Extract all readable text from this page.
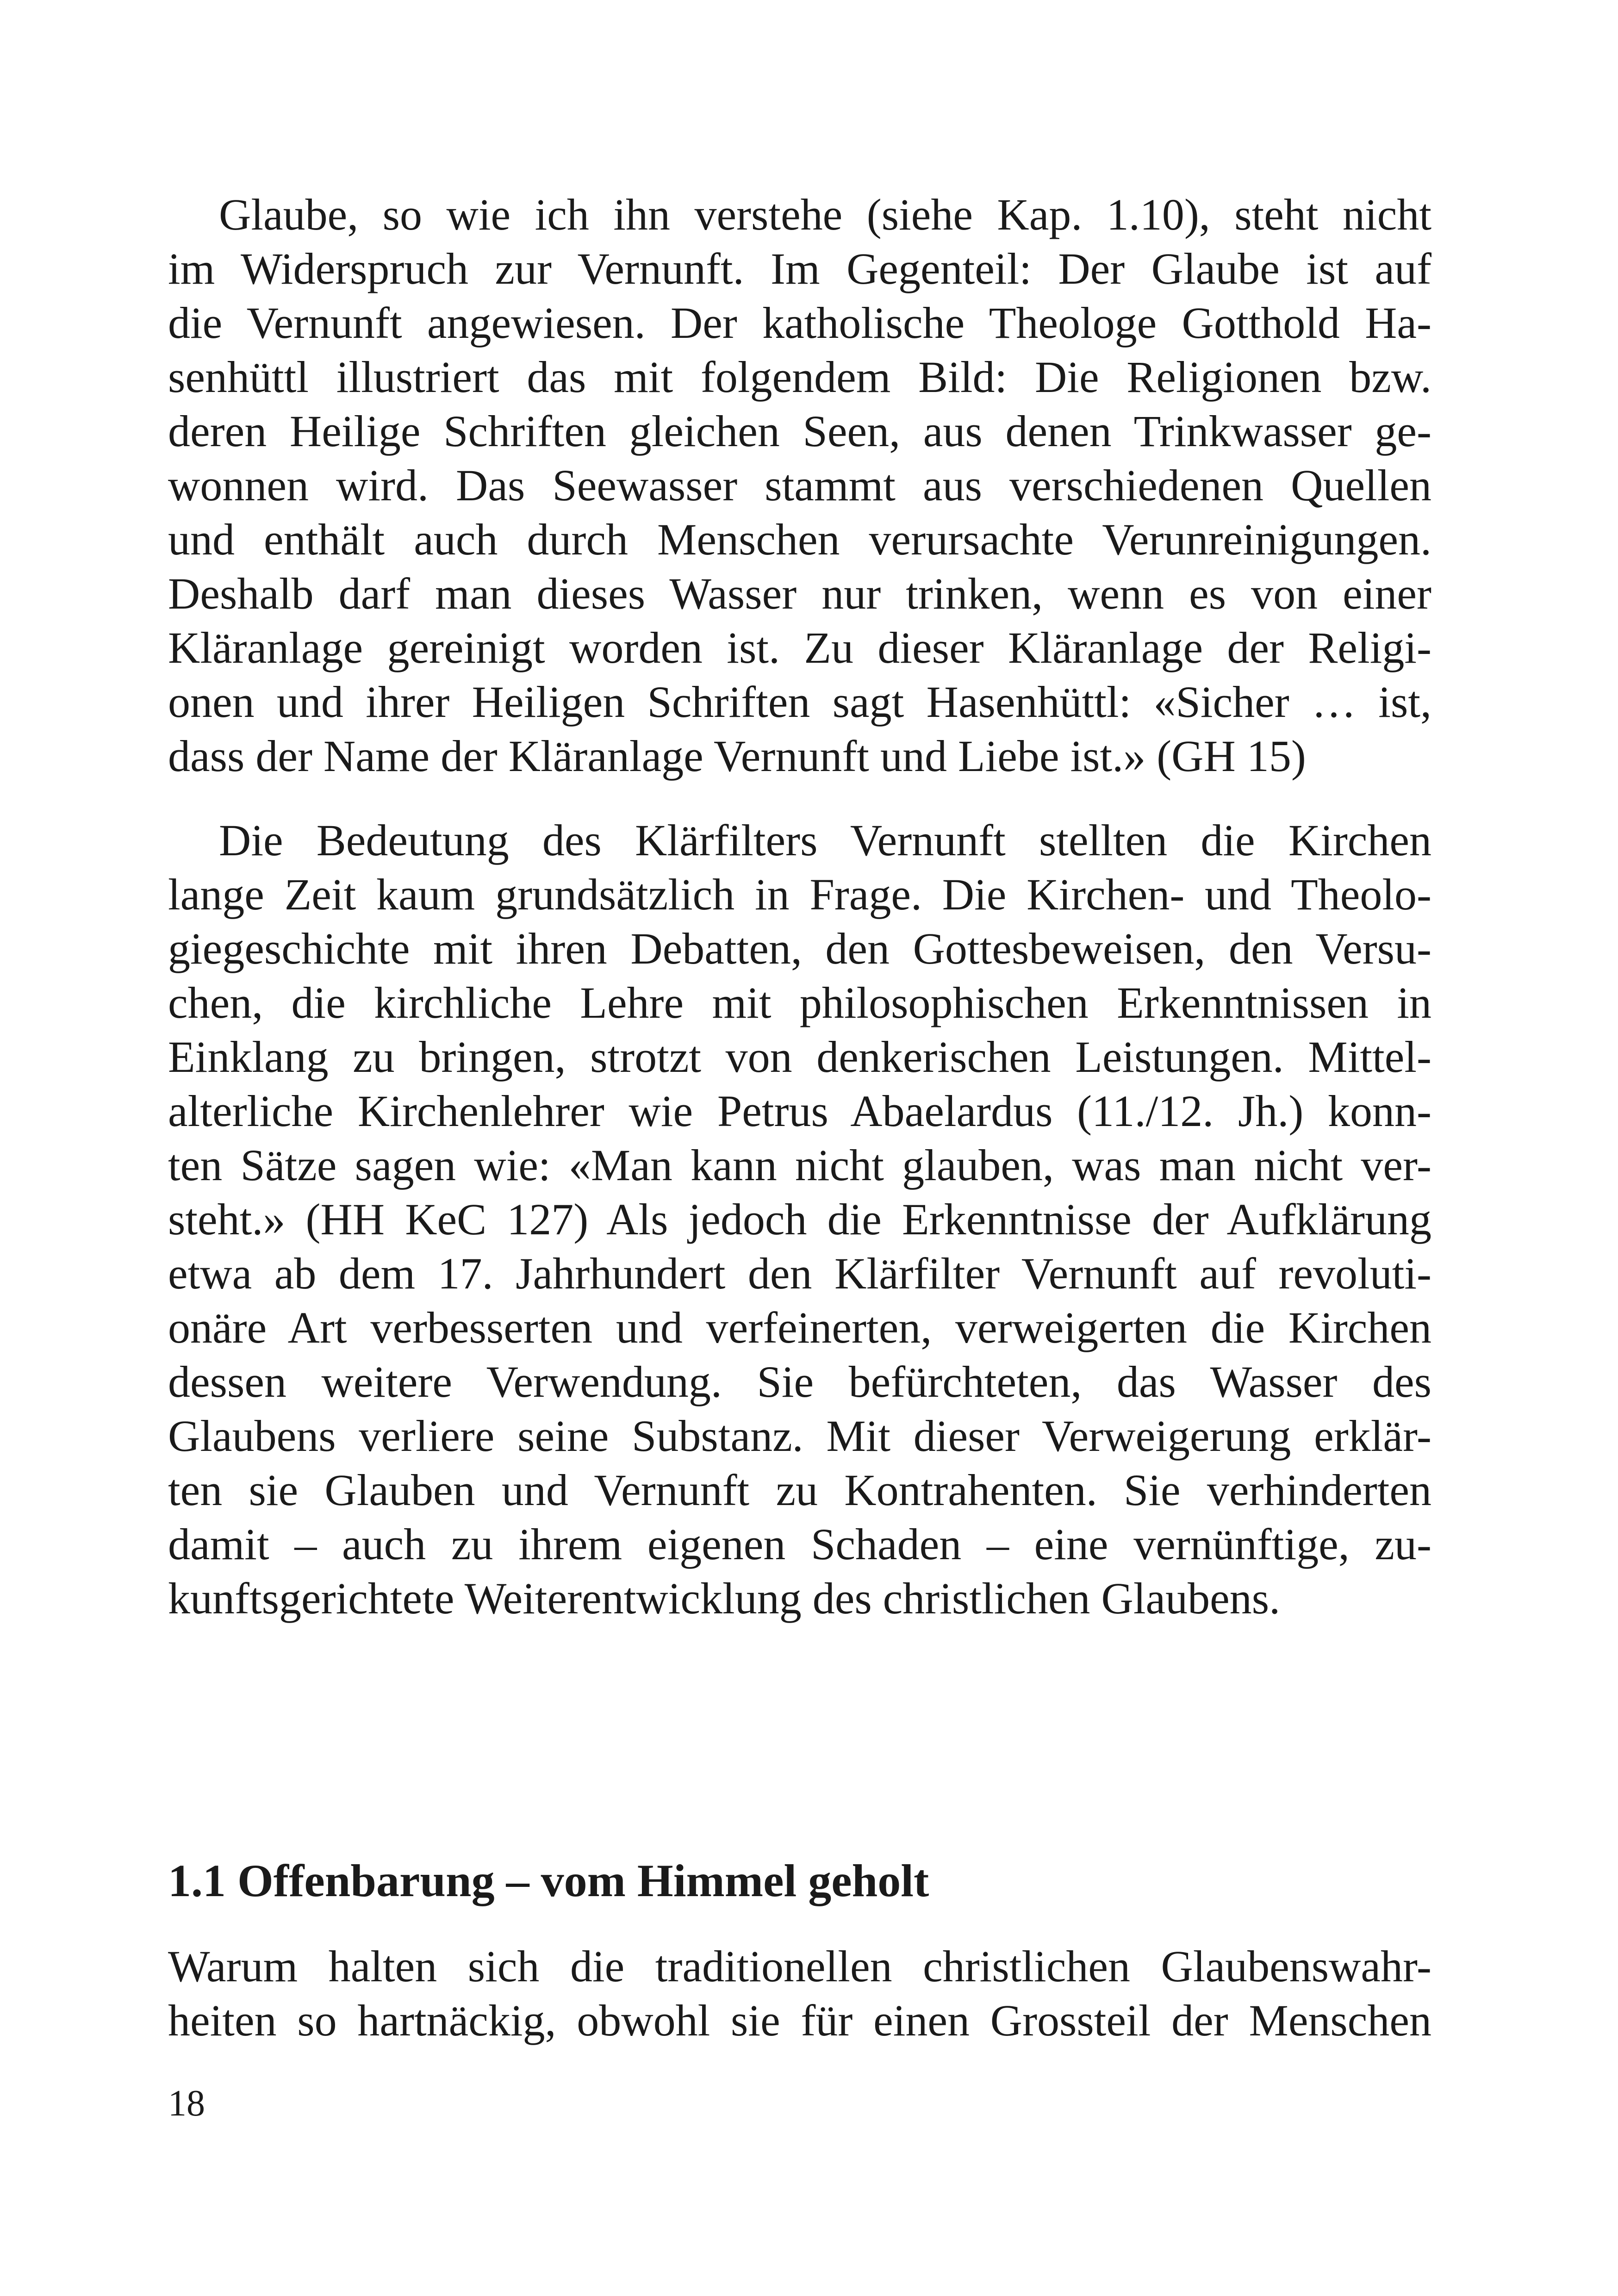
Glaube, so wie ich ihn verstehe (siehe Kap. 1.10), steht nicht
im Widerspruch zur Vernunft. Im Gegenteil: Der Glaube ist auf
die Vernunft angewiesen. Der katholische Theologe Gotthold Ha-
senhüttl illustriert das mit folgendem Bild: Die Religionen bzw.
deren Heilige Schriften gleichen Seen, aus denen Trinkwasser ge-
wonnen wird. Das Seewasser stammt aus verschiedenen Quellen
und enthält auch durch Menschen verursachte Verunreinigungen.
Deshalb darf man dieses Wasser nur trinken, wenn es von einer
Kläranlage gereinigt worden ist. Zu dieser Kläranlage der Religi-
onen und ihrer Heiligen Schriften sagt Hasenhüttl: «Sicher … ist,
dass der Name der Kläranlage Vernunft und Liebe ist.» (GH 15)
Die Bedeutung des Klärfilters Vernunft stellten die Kirchen
lange Zeit kaum grundsätzlich in Frage. Die Kirchen- und Theolo-
giegeschichte mit ihren Debatten, den Gottesbeweisen, den Versu-
chen, die kirchliche Lehre mit philosophischen Erkenntnissen in
Einklang zu bringen, strotzt von denkerischen Leistungen. Mittel-
alterliche Kirchenlehrer wie Petrus Abaelardus (11./12. Jh.) konn-
ten Sätze sagen wie: «Man kann nicht glauben, was man nicht ver-
steht.» (HH KeC 127) Als jedoch die Erkenntnisse der Aufklärung
etwa ab dem 17. Jahrhundert den Klärfilter Vernunft auf revoluti-
onäre Art verbesserten und verfeinerten, verweigerten die Kirchen
dessen weitere Verwendung. Sie befürchteten, das Wasser des
Glaubens verliere seine Substanz. Mit dieser Verweigerung erklär-
ten sie Glauben und Vernunft zu Kontrahenten. Sie verhinderten
damit – auch zu ihrem eigenen Schaden – eine vernünftige, zu-
kunftsgerichtete Weiterentwicklung des christlichen Glaubens.
1.1 Offenbarung – vom Himmel geholt
Warum halten sich die traditionellen christlichen Glaubenswahr-
heiten so hartnäckig, obwohl sie für einen Grossteil der Menschen

18
